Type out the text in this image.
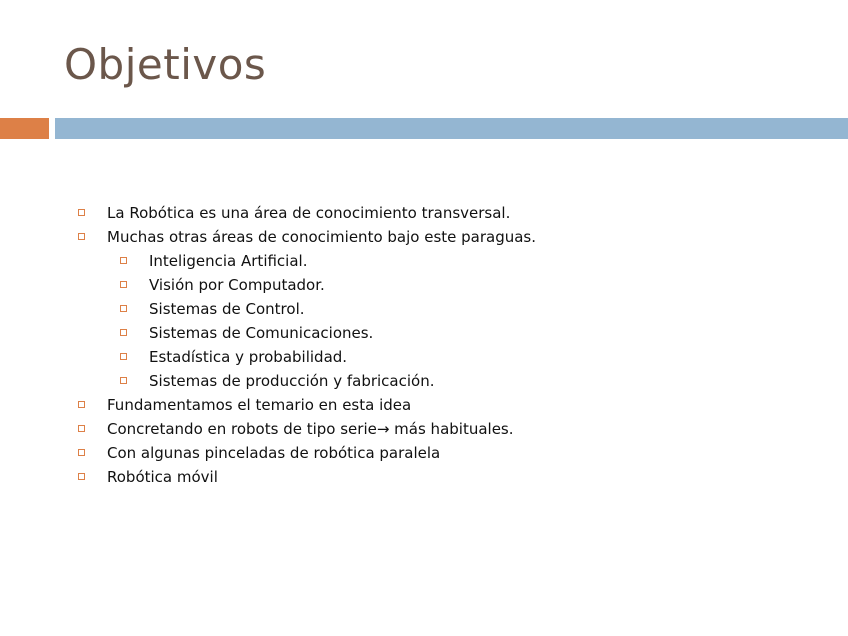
Objetivos
La Robótica es una área de conocimiento transversal.
Muchas otras áreas de conocimiento bajo este paraguas.
Inteligencia Artificial.
Visión por Computador.
Sistemas de Control.
Sistemas de Comunicaciones.
Estadística y probabilidad.
Sistemas de producción y fabricación.
Fundamentamos el temario en esta idea
Concretando en robots de tipo serie→ más habituales.
Con algunas pinceladas de robótica paralela
Robótica móvil
